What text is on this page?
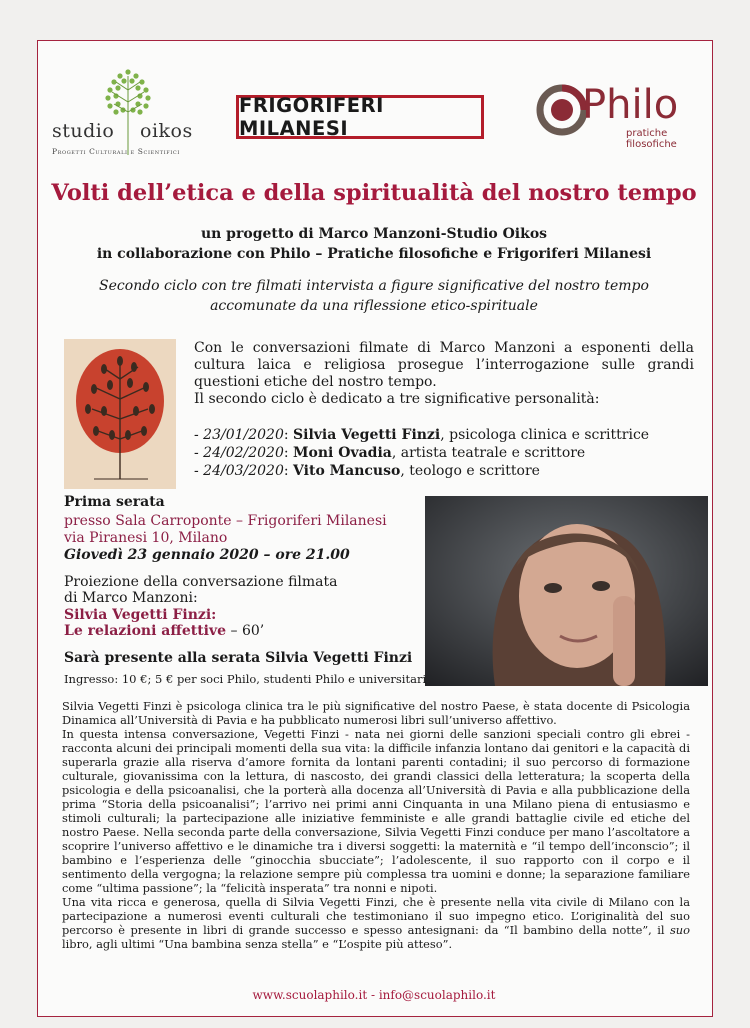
studio oikos
Progetti Culturali e Scientifici
FRIGORIFERI MILANESI
Philo
pratiche filosofiche
Volti dell’etica e della spiritualità del nostro tempo
un progetto di Marco Manzoni-Studio Oikos
in collaborazione con Philo – Pratiche filosofiche e Frigoriferi Milanesi
Secondo ciclo con tre filmati intervista a figure significative del nostro tempo
accomunate da una riflessione etico-spirituale
Con le conversazioni filmate di Marco Manzoni a esponenti della
cultura laica e religiosa prosegue l’interrogazione sulle grandi
questioni etiche del nostro tempo.
Il secondo ciclo è dedicato a tre significative personalità:
- 23/01/2020: Silvia Vegetti Finzi, psicologa clinica e scrittrice
- 24/02/2020: Moni Ovadia, artista teatrale e scrittore
- 24/03/2020: Vito Mancuso, teologo e scrittore
Prima serata
presso Sala Carroponte – Frigoriferi Milanesi
via Piranesi 10, Milano
Giovedì 23 gennaio 2020 – ore 21.00
Proiezione della conversazione filmata
di Marco Manzoni:
Silvia Vegetti Finzi:
Le relazioni affettive – 60’
Sarà presente alla serata Silvia Vegetti Finzi
Ingresso: 10 €; 5 € per soci Philo, studenti Philo e universitari

Silvia Vegetti Finzi è psicologa clinica tra le più significative del nostro Paese, è stata docente di Psicologia Dinamica all’Università di Pavia e ha pubblicato numerosi libri sull’universo affettivo.

In questa intensa conversazione, Vegetti Finzi - nata nei giorni delle sanzioni speciali contro gli ebrei - racconta alcuni dei principali momenti della sua vita: la difficile infanzia lontano dai genitori e la capacità di superarla grazie alla riserva d’amore fornita da lontani parenti contadini; il suo percorso di formazione culturale, giovanissima con la lettura, di nascosto, dei grandi classici della letteratura; la scoperta della psicologia e della psicoanalisi, che la porterà alla docenza all’Università di Pavia e alla pubblicazione della prima “Storia della psicoanalisi”; l’arrivo nei primi anni Cinquanta in una Milano piena di entusiasmo e stimoli culturali; la partecipazione alle iniziative femministe e alle grandi battaglie civile ed etiche del nostro Paese. Nella seconda parte della conversazione, Silvia Vegetti Finzi conduce per mano l’ascoltatore a scoprire l’universo affettivo e le dinamiche tra i diversi soggetti: la maternità e “il tempo dell’inconscio”; il bambino e l’esperienza delle “ginocchia sbucciate”; l’adolescente, il suo rapporto con il corpo e il sentimento della vergogna; la relazione sempre più complessa tra uomini e donne; la separazione familiare come “ultima passione”; la “felicità insperata” tra nonni e nipoti.

Una vita ricca e generosa, quella di Silvia Vegetti Finzi, che è presente nella vita civile di Milano con la partecipazione a numerosi eventi culturali che testimoniano il suo impegno etico. L’originalità del suo percorso è presente in libri di grande successo e spesso antesignani: da “Il bambino della notte”, il suo libro, agli ultimi “Una bambina senza stella” e “L’ospite più atteso”.

www.scuolaphilo.it - info@scuolaphilo.it
